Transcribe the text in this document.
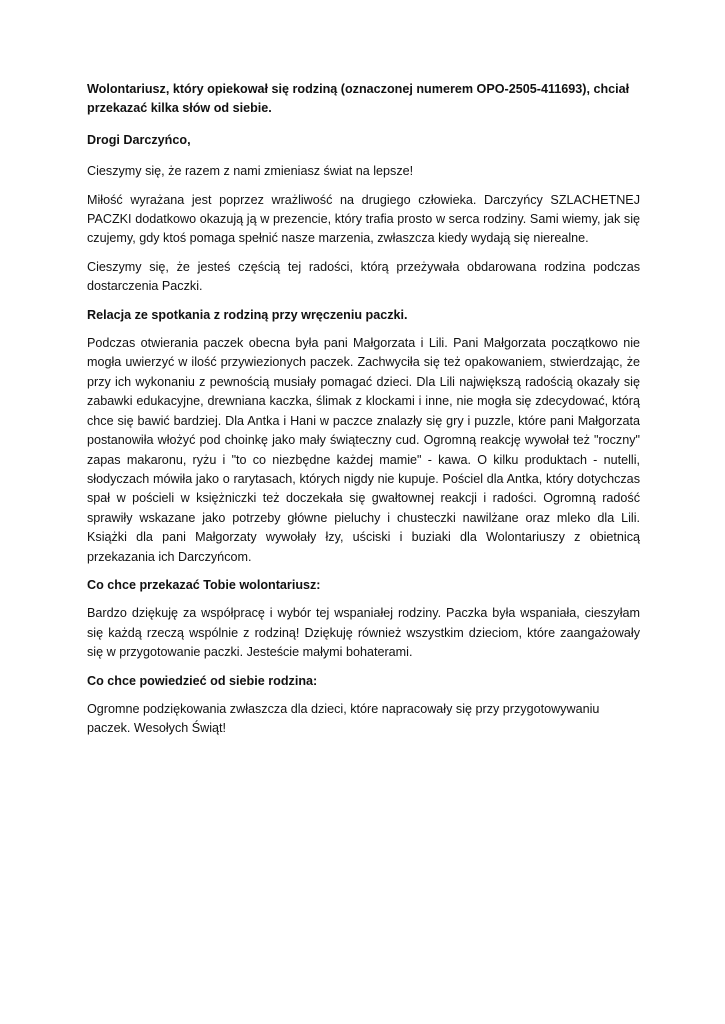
Wolontariusz, który opiekował się rodziną (oznaczonej numerem OPO-2505-411693), chciał przekazać kilka słów od siebie.

Drogi Darczyńco,

Cieszymy się, że razem z nami zmieniasz świat na lepsze!

Miłość wyrażana jest poprzez wrażliwość na drugiego człowieka. Darczyńcy SZLACHETNEJ PACZKI dodatkowo okazują ją w prezencie, który trafia prosto w serca rodziny. Sami wiemy, jak się czujemy, gdy ktoś pomaga spełnić nasze marzenia, zwłaszcza kiedy wydają się nierealne.

Cieszymy się, że jesteś częścią tej radości, którą przeżywała obdarowana rodzina podczas dostarczenia Paczki.

Relacja ze spotkania z rodziną przy wręczeniu paczki.

Podczas otwierania paczek obecna była pani Małgorzata i Lili. Pani Małgorzata początkowo nie mogła uwierzyć w ilość przywiezionych paczek. Zachwyciła się też opakowaniem, stwierdzając, że przy ich wykonaniu z pewnością musiały pomagać dzieci. Dla Lili największą radością okazały się zabawki edukacyjne, drewniana kaczka, ślimak z klockami i inne, nie mogła się zdecydować, którą chce się bawić bardziej. Dla Antka i Hani w paczce znalazły się gry i puzzle, które pani Małgorzata postanowiła włożyć pod choinkę jako mały świąteczny cud. Ogromną reakcję wywołał też "roczny" zapas makaronu, ryżu i "to co niezbędne każdej mamie" - kawa. O kilku produktach - nutelli, słodyczach mówiła jako o rarytasach, których nigdy nie kupuje. Pościel dla Antka, który dotychczas spał w pościeli w księżniczki też doczekała się gwałtownej reakcji i radości. Ogromną radość sprawiły wskazane jako potrzeby główne pieluchy i chusteczki nawilżane oraz mleko dla Lili. Książki dla pani Małgorzaty wywołały łzy, uściski i buziaki dla Wolontariuszy z obietnicą przekazania ich Darczyńcom.

Co chce przekazać Tobie wolontariusz:

Bardzo dziękuję za współpracę i wybór tej wspaniałej rodziny. Paczka była wspaniała, cieszyłam się każdą rzeczą wspólnie z rodziną! Dziękuję również wszystkim dzieciom, które zaangażowały się w przygotowanie paczki. Jesteście małymi bohaterami.

Co chce powiedzieć od siebie rodzina:

Ogromne podziękowania zwłaszcza dla dzieci, które napracowały się przy przygotowywaniu paczek. Wesołych Świąt!
